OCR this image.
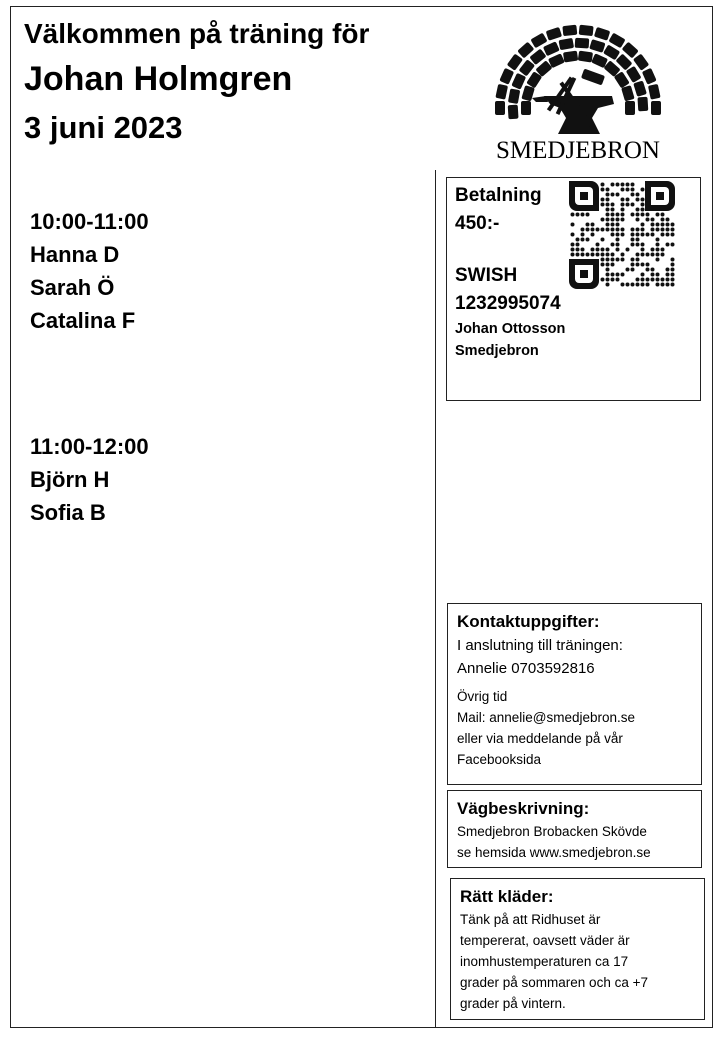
Välkommen på träning för
Johan Holmgren
3 juni 2023
SMEDJEBRON
10:00-11:00
Hanna D
Sarah Ö
Catalina F
11:00-12:00
Björn H
Sofia B
Betalning
450:-
SWISH
1232995074
Johan Ottosson
Smedjebron
Kontaktuppgifter:
I anslutning till träningen:
Annelie 0703592816
Övrig tid
Mail: annelie@smedjebron.se
eller via meddelande på vår
Facebooksida
Vägbeskrivning:
Smedjebron Brobacken Skövde
se hemsida www.smedjebron.se
Rätt kläder:
Tänk på att Ridhuset är
tempererat, oavsett väder är
inomhustemperaturen ca 17
grader på sommaren och ca +7
grader på vintern.
